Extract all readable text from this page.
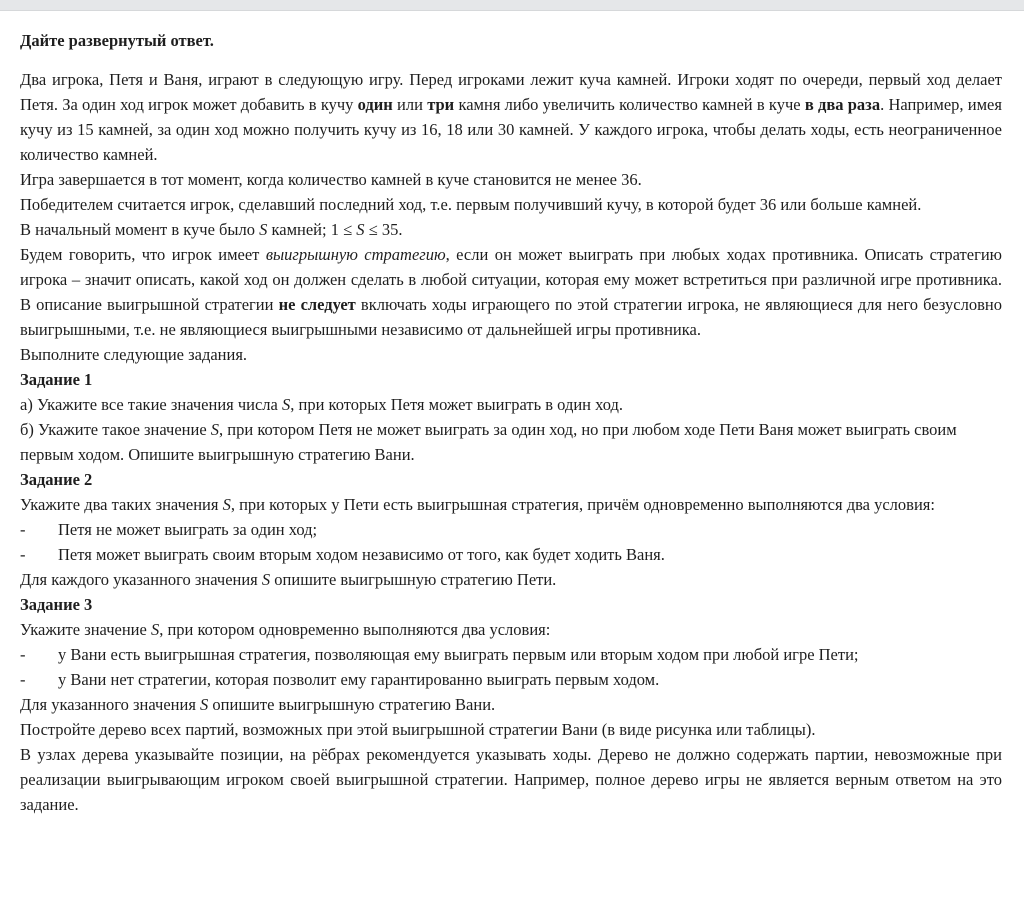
Дайте развернутый ответ.

Два игрока, Петя и Ваня, играют в следующую игру. Перед игроками лежит куча камней. Игроки ходят по очереди, первый ход делает Петя. За один ход игрок может добавить в кучу один или три камня либо увеличить количество камней в куче в два раза. Например, имея кучу из 15 камней, за один ход можно получить кучу из 16, 18 или 30 камней. У каждого игрока, чтобы делать ходы, есть неограниченное количество камней.

Игра завершается в тот момент, когда количество камней в куче становится не менее 36.

Победителем считается игрок, сделавший последний ход, т.е. первым получивший кучу, в которой будет 36 или больше камней.

В начальный момент в куче было S камней; 1 ≤ S ≤ 35.

Будем говорить, что игрок имеет выигрышную стратегию, если он может выиграть при любых ходах противника. Описать стратегию игрока – значит описать, какой ход он должен сделать в любой ситуации, которая ему может встретиться при различной игре противника. В описание выигрышной стратегии не следует включать ходы играющего по этой стратегии игрока, не являющиеся для него безусловно выигрышными, т.е. не являющиеся выигрышными независимо от дальнейшей игры противника.

Выполните следующие задания.

Задание 1

а) Укажите все такие значения числа S, при которых Петя может выиграть в один ход.

б) Укажите такое значение S, при котором Петя не может выиграть за один ход, но при любом ходе Пети Ваня может выиграть своим первым ходом. Опишите выигрышную стратегию Вани.

Задание 2

Укажите два таких значения S, при которых у Пети есть выигрышная стратегия, причём одновременно выполняются два условия:

-	Петя не может выиграть за один ход;
-	Петя может выиграть своим вторым ходом независимо от того, как будет ходить Ваня.

Для каждого указанного значения S опишите выигрышную стратегию Пети.

Задание 3

Укажите значение S, при котором одновременно выполняются два условия:

-	у Вани есть выигрышная стратегия, позволяющая ему выиграть первым или вторым ходом при любой игре Пети;
-	у Вани нет стратегии, которая позволит ему гарантированно выиграть первым ходом.

Для указанного значения S опишите выигрышную стратегию Вани.

Постройте дерево всех партий, возможных при этой выигрышной стратегии Вани (в виде рисунка или таблицы).

В узлах дерева указывайте позиции, на рёбрах рекомендуется указывать ходы. Дерево не должно содержать партии, невозможные при реализации выигрывающим игроком своей выигрышной стратегии. Например, полное дерево игры не является верным ответом на это задание.
